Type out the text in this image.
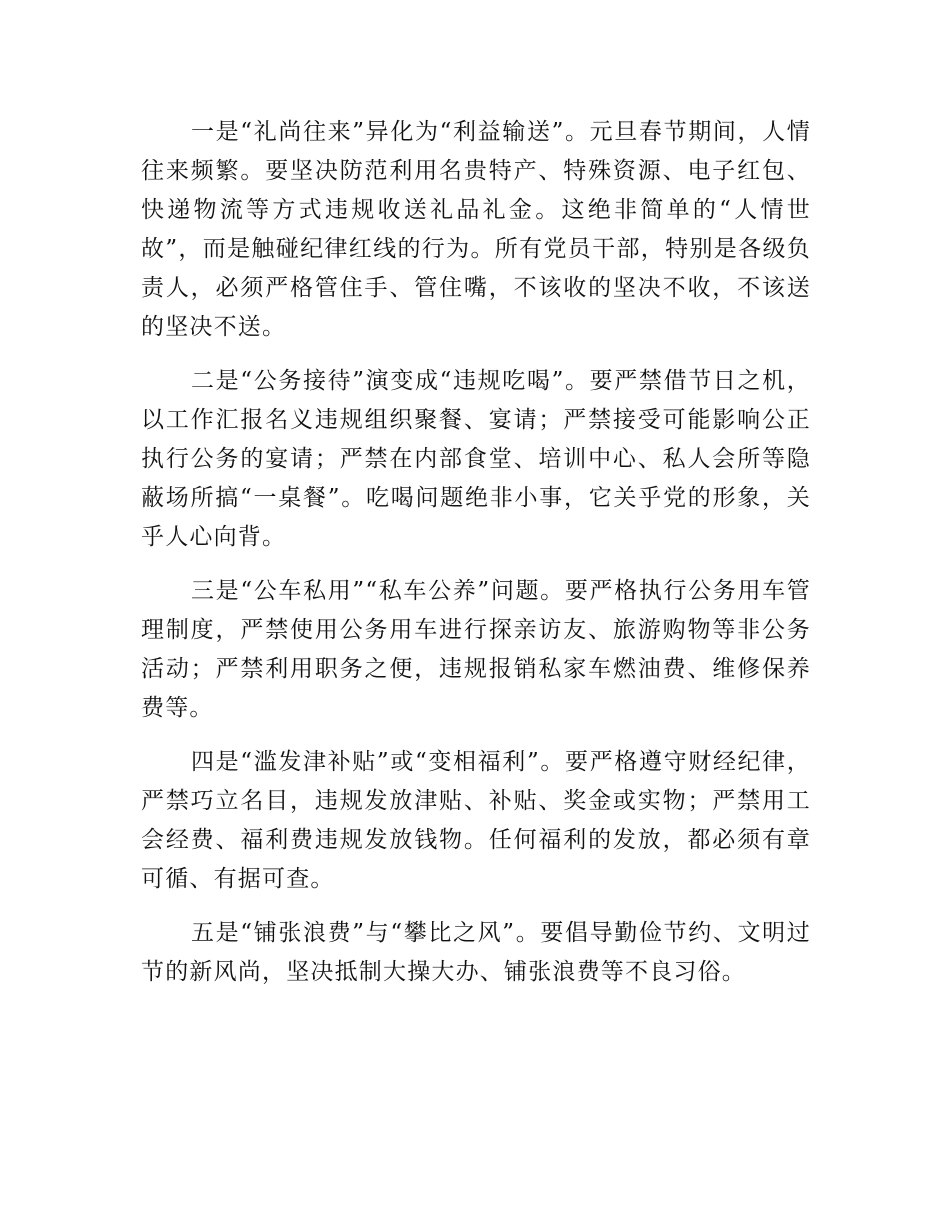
一是“礼尚往来”异化为“利益输送”。元旦春节期间，人情往来频繁。要坚决防范利用名贵特产、特殊资源、电子红包、快递物流等方式违规收送礼品礼金。这绝非简单的“人情世故”，而是触碰纪律红线的行为。所有党员干部，特别是各级负责人，必须严格管住手、管住嘴，不该收的坚决不收，不该送的坚决不送。

二是“公务接待”演变成“违规吃喝”。要严禁借节日之机，以工作汇报名义违规组织聚餐、宴请；严禁接受可能影响公正执行公务的宴请；严禁在内部食堂、培训中心、私人会所等隐蔽场所搞“一桌餐”。吃喝问题绝非小事，它关乎党的形象，关乎人心向背。

三是“公车私用”“私车公养”问题。要严格执行公务用车管理制度，严禁使用公务用车进行探亲访友、旅游购物等非公务活动；严禁利用职务之便，违规报销私家车燃油费、维修保养费等。

四是“滥发津补贴”或“变相福利”。要严格遵守财经纪律，严禁巧立名目，违规发放津贴、补贴、奖金或实物；严禁用工会经费、福利费违规发放钱物。任何福利的发放，都必须有章可循、有据可查。

五是“铺张浪费”与“攀比之风”。要倡导勤俭节约、文明过节的新风尚，坚决抵制大操大办、铺张浪费等不良习俗。
